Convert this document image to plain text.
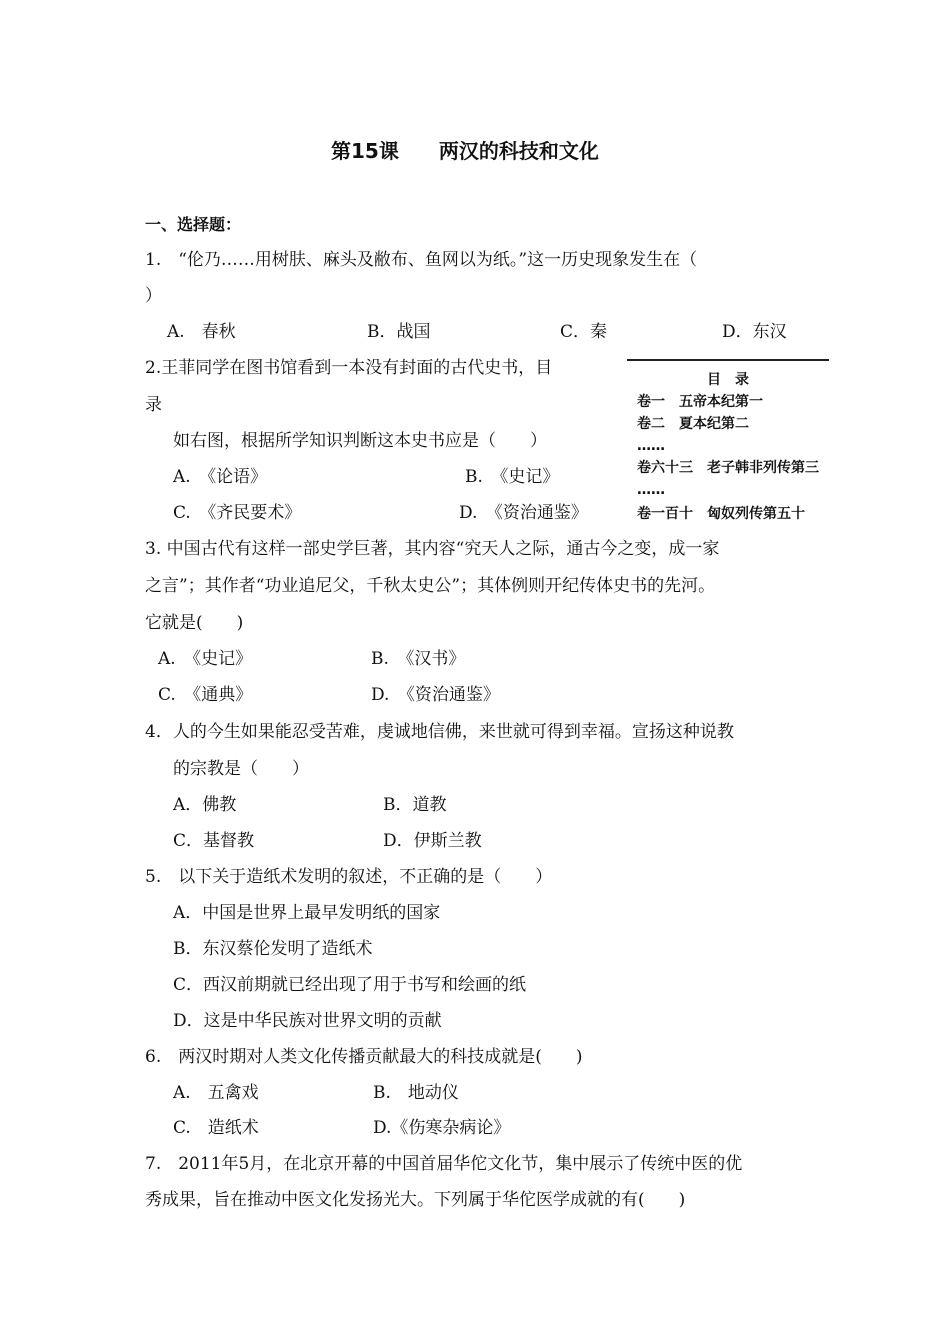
第15课　　两汉的科技和文化
一、选择题：
1.　“伦乃……用树肤、麻头及敝布、鱼网以为纸。”这一历史现象发生在（
）
A.　春秋	B．战国	C．秦	D．东汉
2.王菲同学在图书馆看到一本没有封面的古代史书，目
录
如右图，根据所学知识判断这本史书应是（　　）
A.　《论语》	B.　《史记》
C.　《齐民要术》	D.　《资治通鉴》
目　录
卷一　五帝本纪第一
卷二　夏本纪第二
……
卷六十三　老子韩非列传第三
……
卷一百十　匈奴列传第五十
3. 中国古代有这样一部史学巨著，其内容“究天人之际，通古今之变，成一家
之言”；其作者“功业追尼父，千秋太史公”；其体例则开纪传体史书的先河。
它就是(　　)
A.　《史记》	B.　《汉书》
C.　《通典》	D.　《资治通鉴》
4．人的今生如果能忍受苦难，虔诚地信佛，来世就可得到幸福。宣扬这种说教
的宗教是（　　）
A．佛教	B．道教
C．基督教	D．伊斯兰教
5.　以下关于造纸术发明的叙述，不正确的是（　　）
A．中国是世界上最早发明纸的国家
B．东汉蔡伦发明了造纸术
C．西汉前期就已经出现了用于书写和绘画的纸
D．这是中华民族对世界文明的贡献
6.　两汉时期对人类文化传播贡献最大的科技成就是(　　)
A.　五禽戏	B.　地动仪
C.　造纸术	D.《伤寒杂病论》
7.　2011年5月，在北京开幕的中国首届华佗文化节，集中展示了传统中医的优
秀成果，旨在推动中医文化发扬光大。下列属于华佗医学成就的有(　　)
